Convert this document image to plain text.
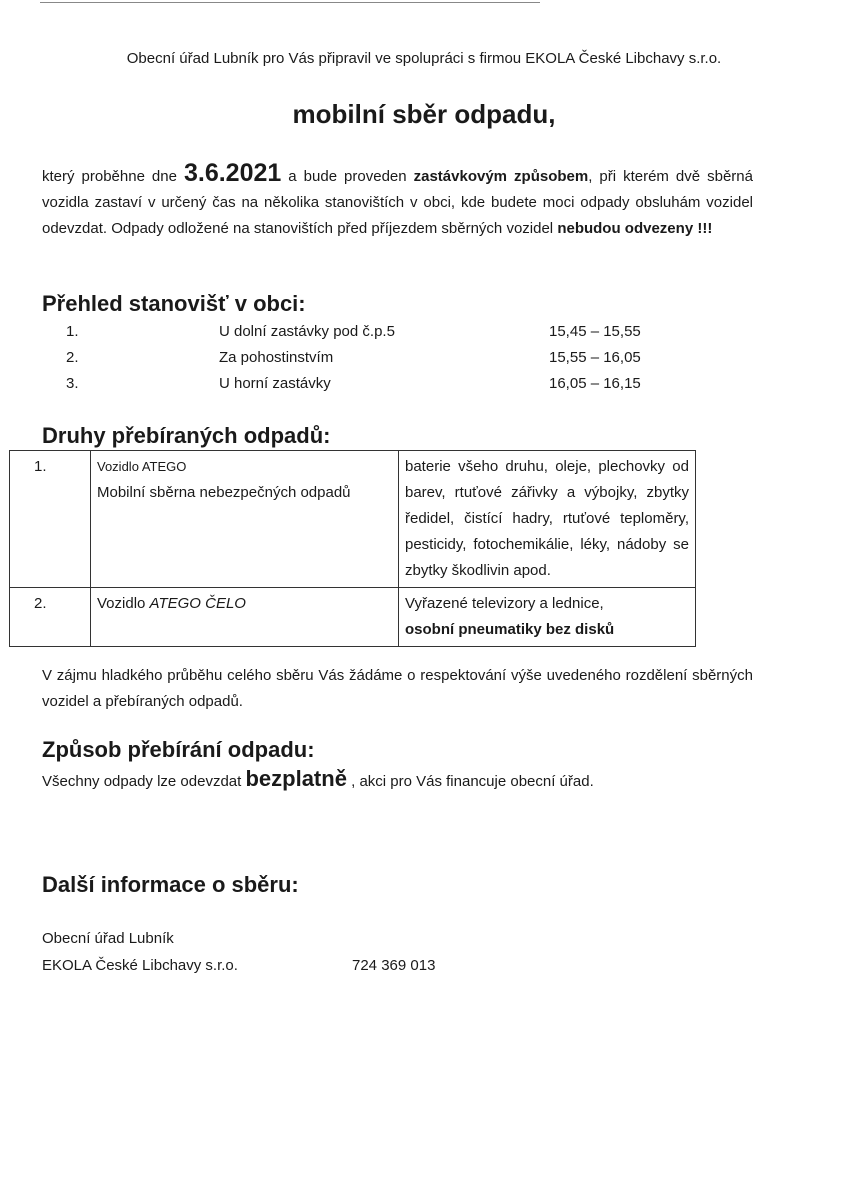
Obecní úřad Lubník pro Vás připravil ve spolupráci s firmou EKOLA České Libchavy s.r.o.
mobilní sběr odpadu,
který proběhne dne 3.6.2021 a bude proveden zastávkovým způsobem, při kterém dvě sběrná vozidla zastaví v určený čas na několika stanovištích v obci, kde budete moci odpady obsluhám vozidel odevzdat. Odpady odložené na stanovištích před příjezdem sběrných vozidel nebudou odvezeny !!!
Přehled stanovišť v obci:
1.	U dolní zastávky pod č.p.5	15,45 – 15,55
2.	Za pohostinstvím	15,55 – 16,05
3.	U horní zastávky	16,05 – 16,15
Druhy přebíraných odpadů:
1.	Vozidlo ATEGO
Mobilní sběrna nebezpečných odpadů	baterie všeho druhu, oleje, plechovky od barev, rtuťové zářivky a výbojky, zbytky ředidel, čistící hadry, rtuťové teploměry, pesticidy, fotochemikálie, léky, nádoby se zbytky škodlivin apod.
2.	Vozidlo ATEGO ČELO	Vyřazené televizory a lednice,
osobní pneumatiky bez disků
V zájmu hladkého průběhu celého sběru Vás žádáme o respektování výše uvedeného rozdělení sběrných vozidel a přebíraných odpadů.
Způsob přebírání odpadu:
Všechny odpady lze odevzdat bezplatně , akci pro Vás financuje obecní úřad.
Další informace o sběru:
Obecní úřad Lubník
EKOLA České Libchavy s.r.o.	724 369 013
